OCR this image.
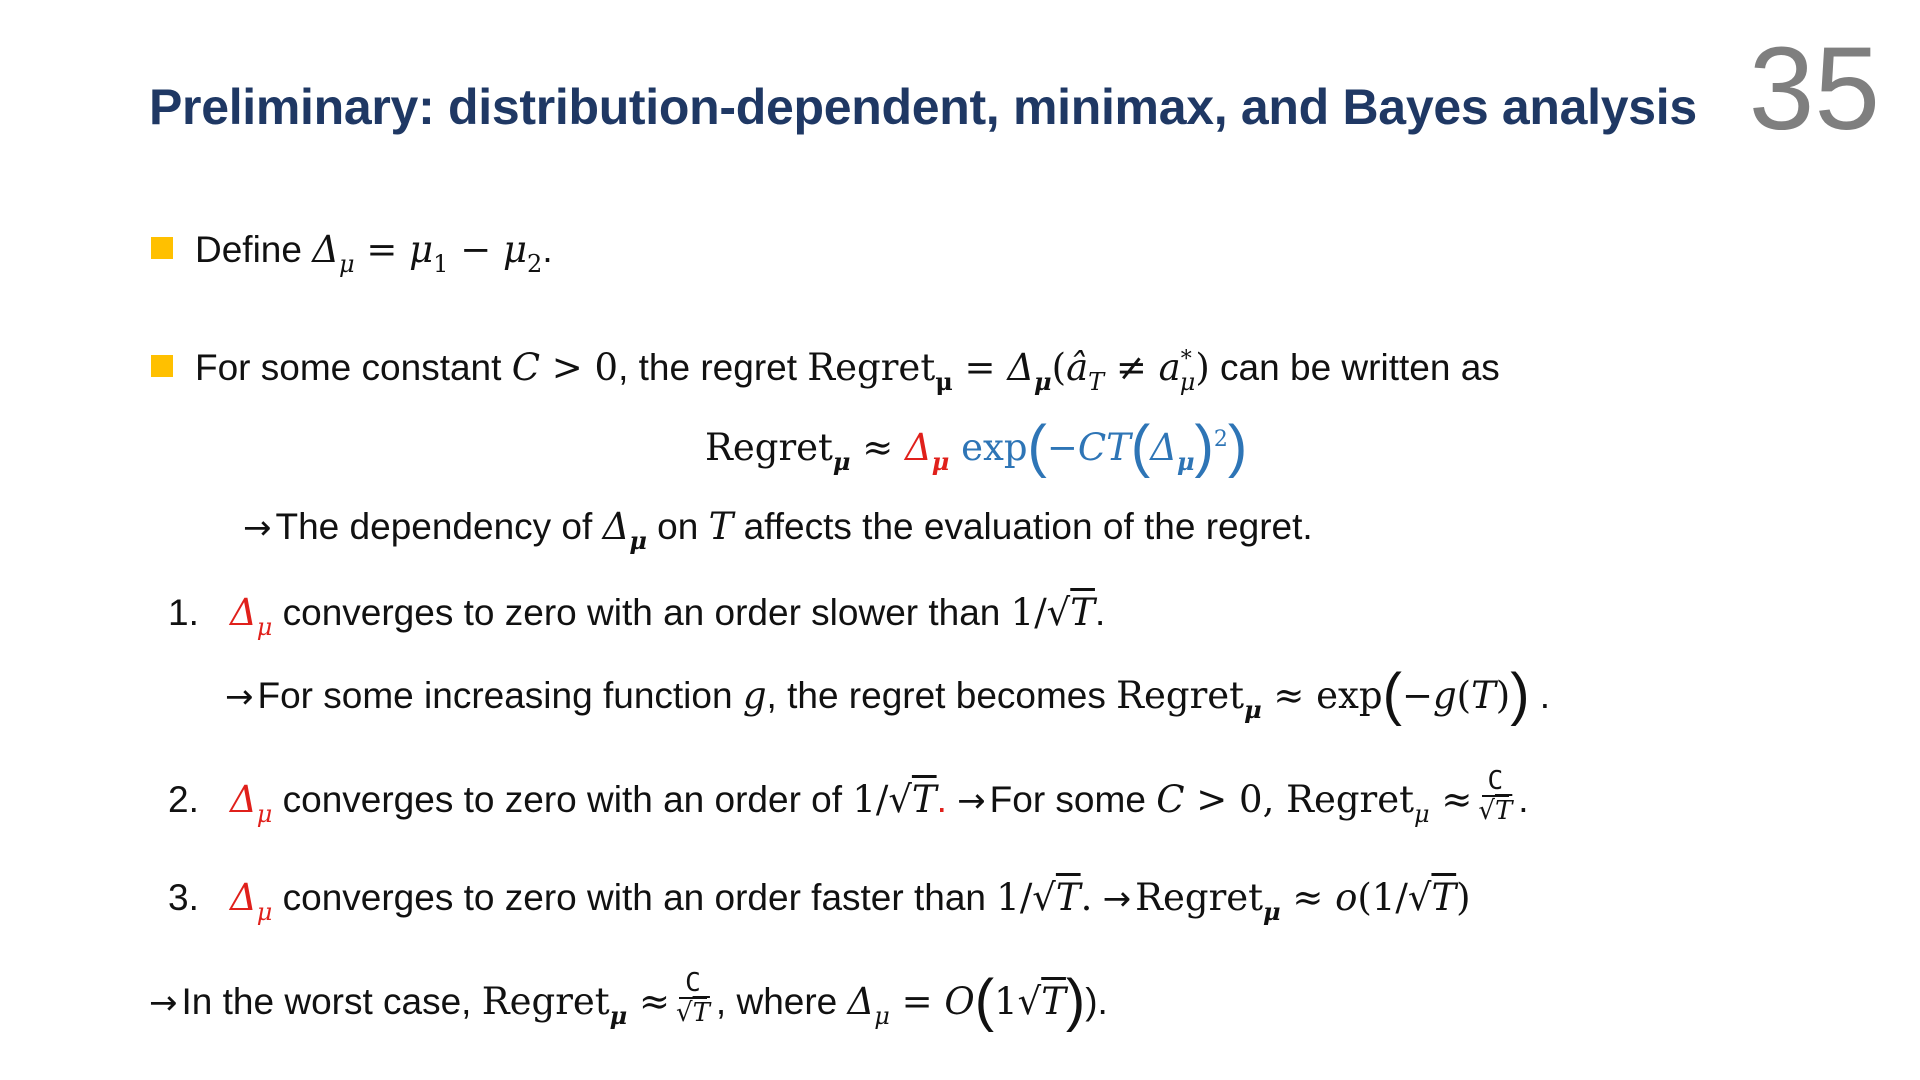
Preliminary: distribution-dependent, minimax, and Bayes analysis 35
Define $\Delta_\mu = \mu_1 - \mu_2$.
For some constant C > 0, the regret Regret$_\mu$ = $\Delta_\mu(â_T \ne a^*_\mu)$ can be written as
Regret$_\mu$ ≈ $\Delta_\mu$ $\exp(-CT(\Delta_\mu)^2)$
→ The dependency of $\Delta_\mu$ on T affects the evaluation of the regret.
1. $\Delta_\mu$ converges to zero with an order slower than 1/√T.
→ For some increasing function g, the regret becomes Regret$_\mu$ ≈ exp(−g(T)) .
2. $\Delta_\mu$ converges to zero with an order of 1/√T. → For some C > 0, Regret$_\mu$ ≈ $\frac{C}{√T}$ .
3. $\Delta_\mu$ converges to zero with an order faster than 1/√T. → Regret$_\mu$ ≈ o(1/√T)
→ In the worst case, Regret$_\mu$ ≈ $\frac{C}{√T}$ , where $\Delta_\mu = O(1√T)$).
